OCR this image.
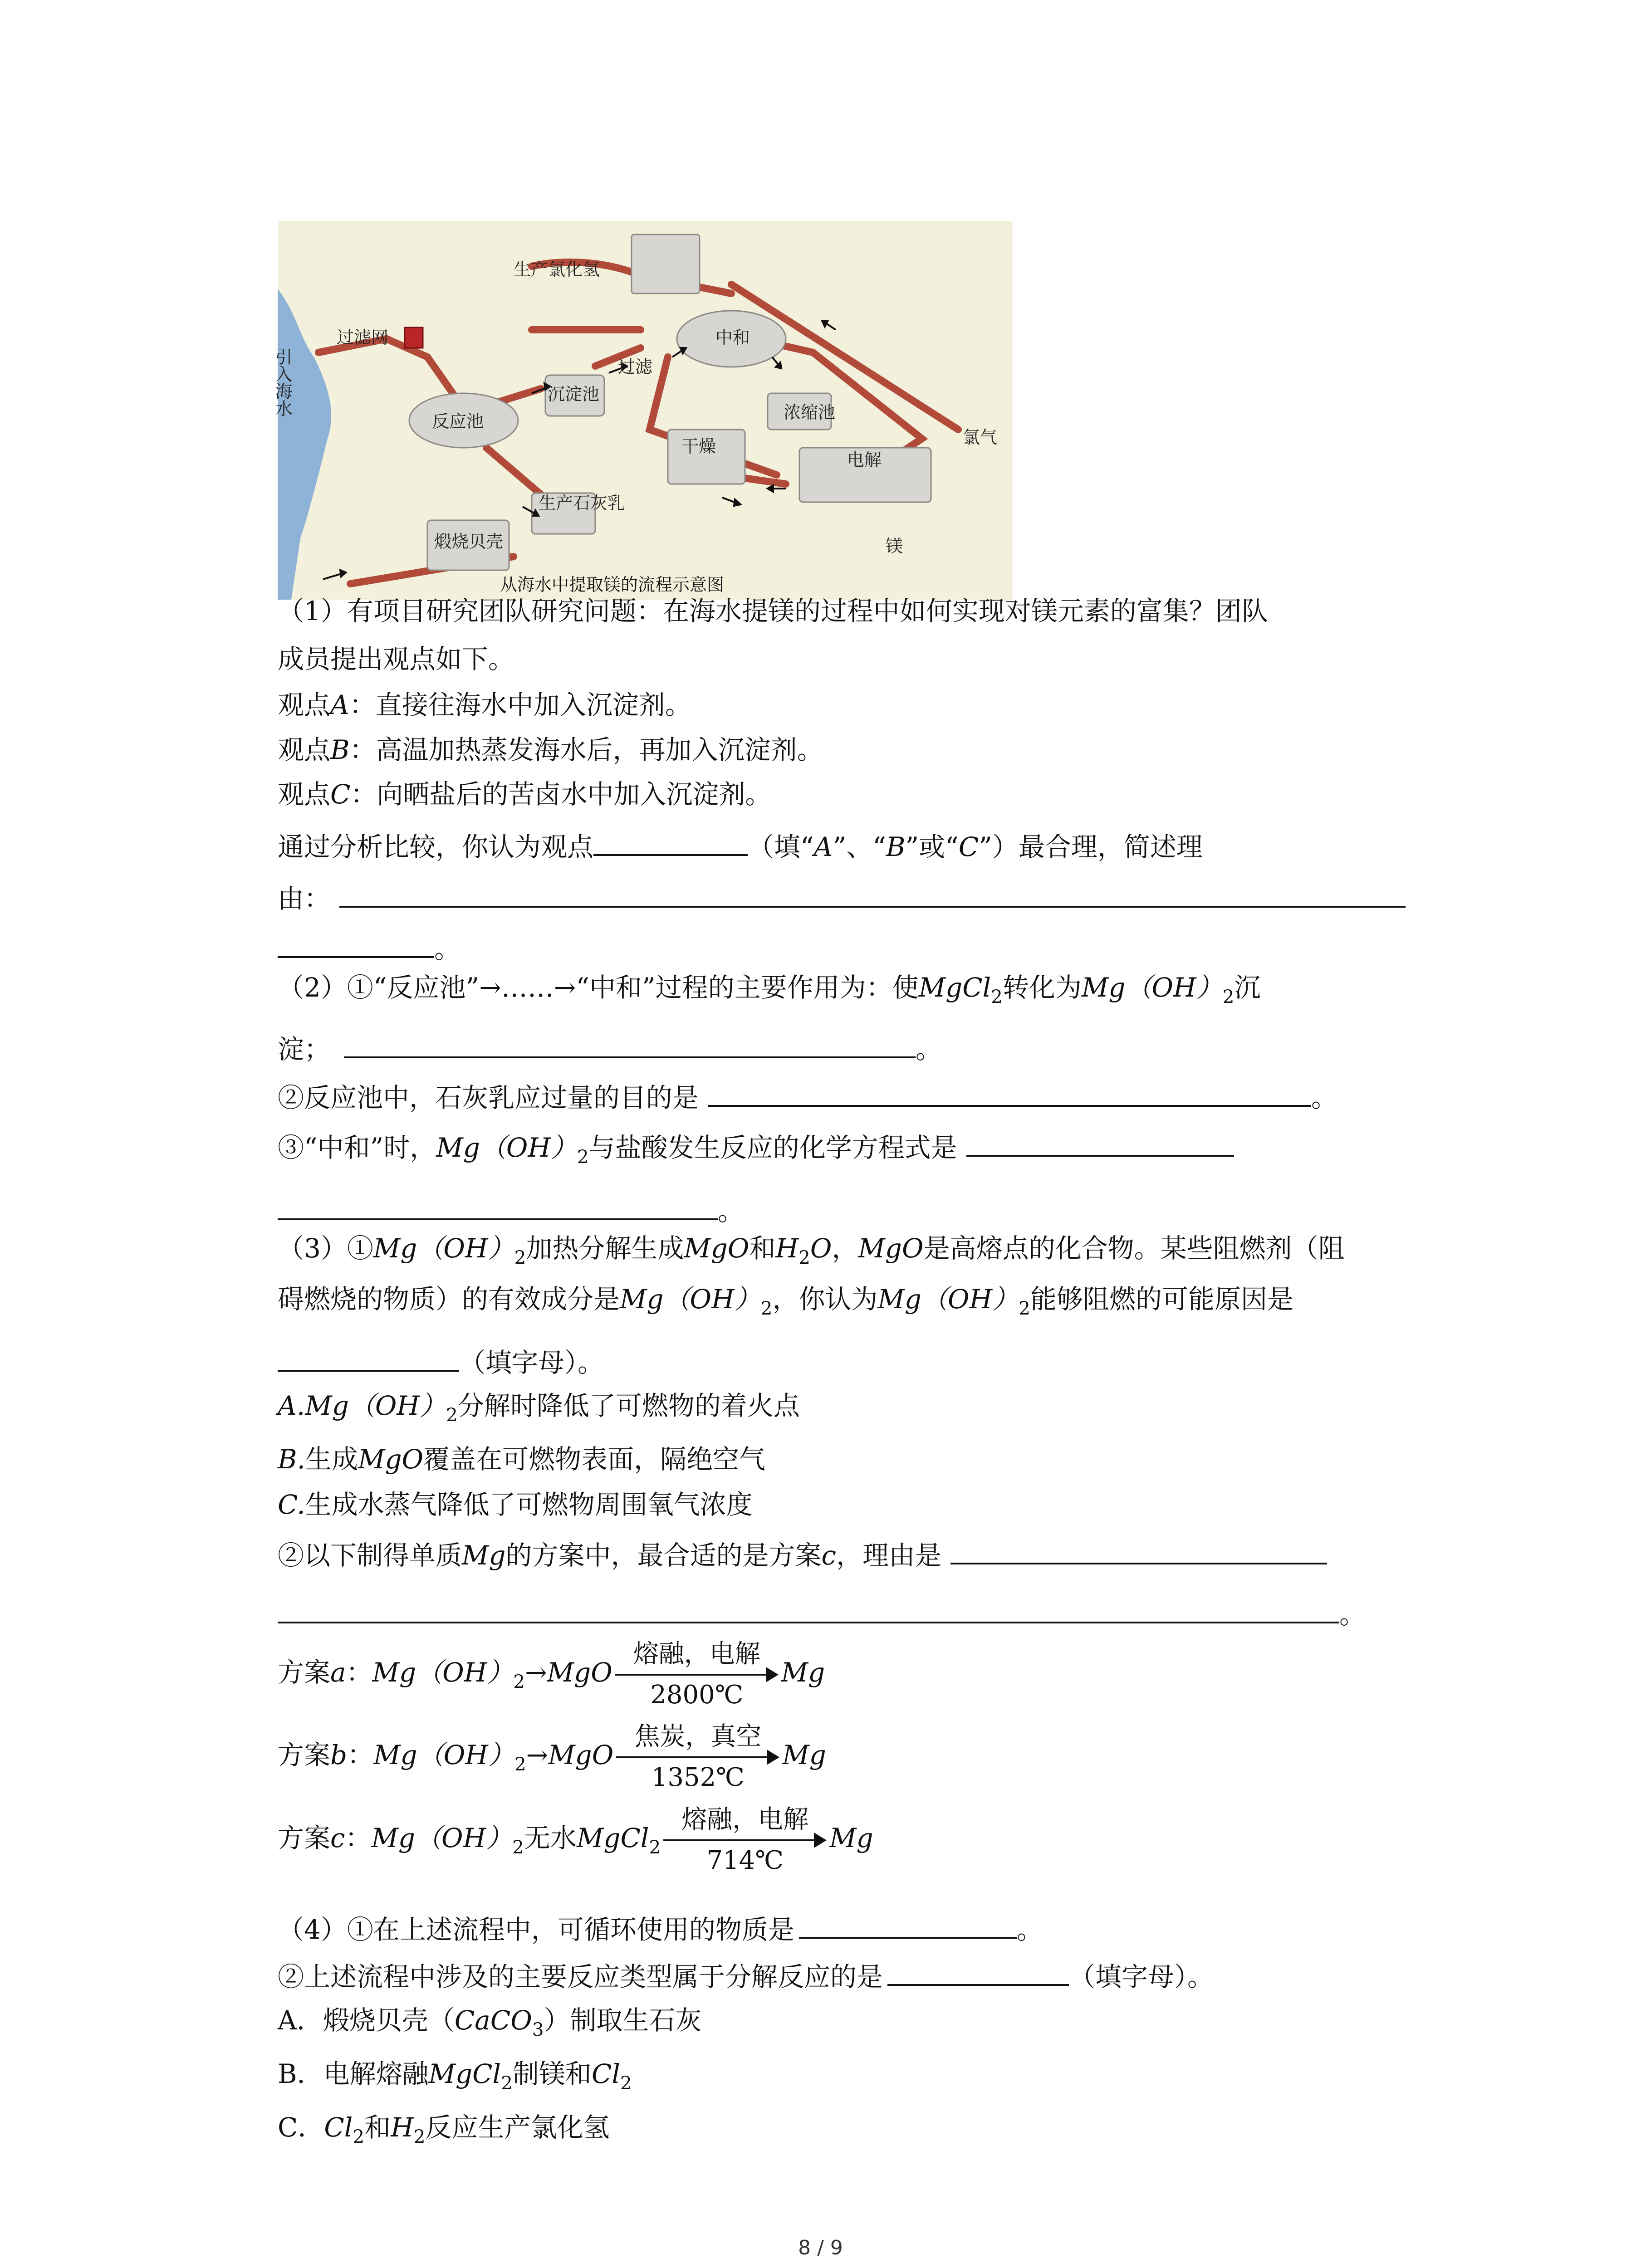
引入海水
过滤网
反应池
沉淀池
过滤
中和
生产氯化氢
浓缩池
干燥
电解
氯气
镁
生产石灰乳
煅烧贝壳
从海水中提取镁的流程示意图
（1）有项目研究团队研究问题：在海水提镁的过程中如何实现对镁元素的富集？团队
成员提出观点如下。
观点A：直接往海水中加入沉淀剂。
观点B：高温加热蒸发海水后，再加入沉淀剂。
观点C：向晒盐后的苦卤水中加入沉淀剂。
通过分析比较，你认为观点	（填“A”、“B”或“C”）最合理，简述理
由：
。
（2）①“反应池”→……→“中和”过程的主要作用为：使MgCl$_2$转化为$Mg(OH)_2$沉
淀；	。
②反应池中，石灰乳应过量的目的是	。
③“中和”时，$Mg(OH)_2$与盐酸发生反应的化学方程式是
。
$(3)①Mg(OH)_2$加热分解生成MgO和$H_2O$，MgO是高熔点的化合物。某些阻燃剂（阻
碍燃烧的物质）的有效成分是$Mg(OH)_2$，你认为$Mg(OH)_2$能够阻燃的可能原因是
（填字母）。
$A.Mg(OH)_2$分解时降低了可燃物的着火点
B.生成MgO覆盖在可燃物表面，隔绝空气
C.生成水蒸气降低了可燃物周围氧气浓度
②以下制得单质Mg的方案中，最合适的是方案c，理由是
。
方案a：$Mg(OH)_2\to MgO$
熔融，电解
2800℃
Mg
方案b：$Mg(OH)_2\to MgO$
焦炭，真空
1352℃
Mg
方案c：$Mg(OH)_2$无水MgCl$_2$
熔融，电解
714℃
Mg
（4）①在上述流程中，可循环使用的物质是	。
②上述流程中涉及的主要反应类型属于分解反应的是	（填字母）。
A．煅烧贝壳（CaCO$_3$）制取生石灰
B．电解熔融MgCl$_2$制镁和$Cl_2$
C．$Cl_2$和$H_2$反应生产氯化氢
8 / 9
